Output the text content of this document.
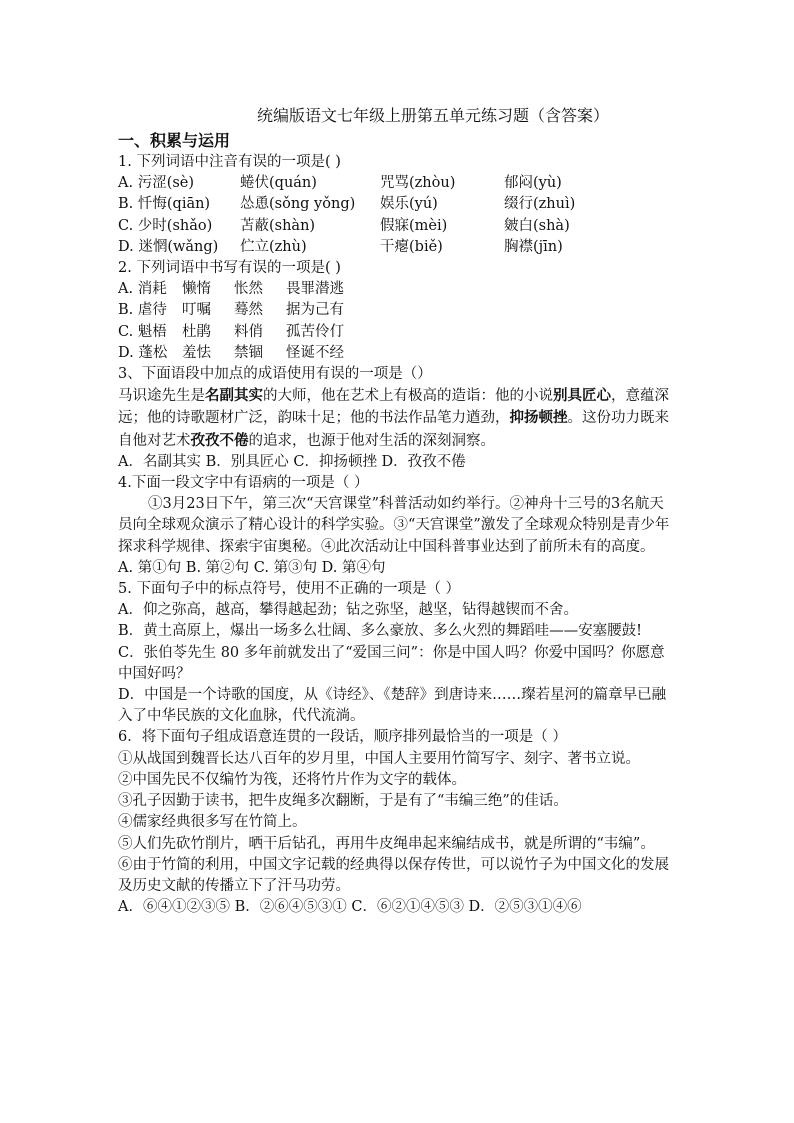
统编版语文七年级上册第五单元练习题（含答案）
一、积累与运用
1. 下列词语中注音有误的一项是( )
A. 污涩(sè)	蜷伏(quán)	咒骂(zhòu)	郁闷(yù)
B. 忏悔(qiān) 怂恿(sǒng yǒng) 娱乐(yú)	缀行(zhuì)
C. 少时(shǎo) 苫蔽(shàn)	假寐(mèi)	皴白(shà)
D. 迷惘(wǎng) 伫立(zhù)	干瘪(biě)	胸襟(jīn)
2. 下列词语中书写有误的一项是( )
A. 消耗 懒惰 怅然 畏罪潜逃
B. 虐待 叮嘱 蓦然 据为己有
C. 魁梧 杜鹃 料俏 孤苦伶仃
D. 蓬松 羞怯 禁锢 怪诞不经
3、下面语段中加点的成语使用有误的一项是（）
马识途先生是名副其实的大师，他在艺术上有极高的造诣：他的小说别具匠心，意蕴深远；他的诗歌题材广泛，韵味十足；他的书法作品笔力遒劲，抑扬顿挫。这份功力既来自他对艺术孜孜不倦的追求，也源于他对生活的深刻洞察。
A．名副其实 B．别具匠心 C．抑扬顿挫 D．孜孜不倦
4.下面一段文字中有语病的一项是（ ）
①3月23日下午，第三次“天宫课堂”科普活动如约举行。②神舟十三号的3名航天员向全球观众演示了精心设计的科学实验。③“天宫课堂”激发了全球观众特别是青少年探求科学规律、探索宇宙奥秘。④此次活动让中国科普事业达到了前所未有的高度。
A. 第①句 B. 第②句 C. 第③句 D. 第④句
5. 下面句子中的标点符号，使用不正确的一项是（ ）
A．仰之弥高，越高，攀得越起劲；钻之弥坚，越坚，钻得越锲而不舍。
B．黄土高原上，爆出一场多么壮阔、多么豪放、多么火烈的舞蹈哇——安塞腰鼓!
C．张伯苓先生 80 多年前就发出了“爱国三问”：你是中国人吗？你爱中国吗？你愿意中国好吗？
D．中国是一个诗歌的国度，从《诗经》、《楚辞》到唐诗来……璨若星河的篇章早已融入了中华民族的文化血脉，代代流淌。
6．将下面句子组成语意连贯的一段话，顺序排列最恰当的一项是（ ）
①从战国到魏晋长达八百年的岁月里，中国人主要用竹简写字、刻字、著书立说。
②中国先民不仅编竹为筏，还将竹片作为文字的载体。
③孔子因勤于读书，把牛皮绳多次翻断，于是有了“韦编三绝”的佳话。
④儒家经典很多写在竹简上。
⑤人们先砍竹削片，晒干后钻孔，再用牛皮绳串起来编结成书，就是所谓的“韦编”。
⑥由于竹简的利用，中国文字记载的经典得以保存传世，可以说竹子为中国文化的发展及历史文献的传播立下了汗马功劳。
A．⑥④①②③⑤ B．②⑥④⑤③① C．⑥②①④⑤③ D．②⑤③①④⑥
